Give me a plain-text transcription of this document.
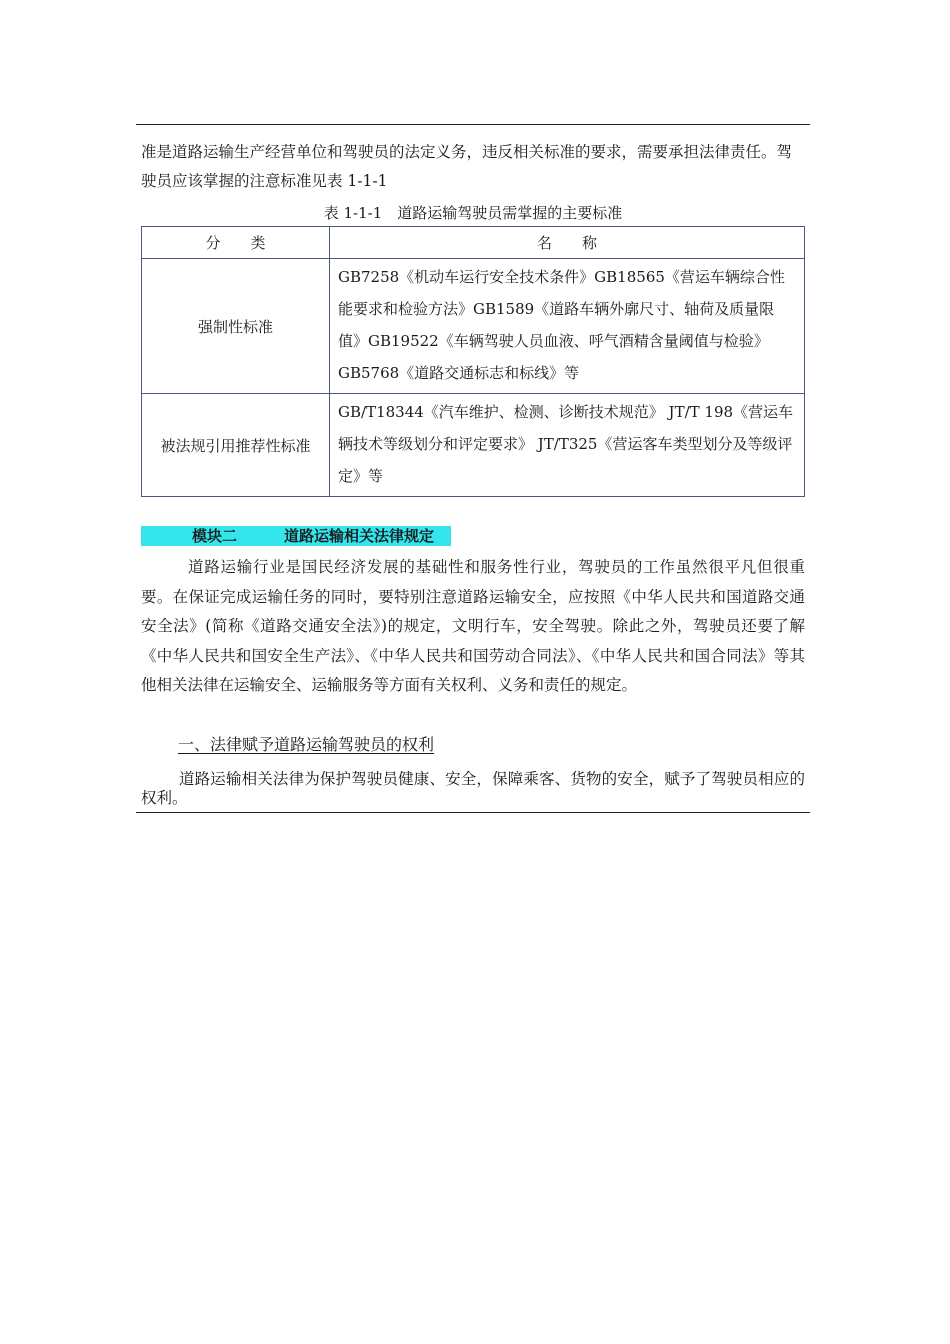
准是道路运输生产经营单位和驾驶员的法定义务，违反相关标准的要求，需要承担法律责任。驾驶员应该掌握的注意标准见表 1-1-1
表 1-1-1　道路运输驾驶员需掌握的主要标准
分　　类	名　　称
强制性标准	GB7258《机动车运行安全技术条件》GB18565《营运车辆综合性能要求和检验方法》GB1589《道路车辆外廓尺寸、轴荷及质量限值》GB19522《车辆驾驶人员血液、呼气酒精含量阈值与检验》GB5768《道路交通标志和标线》等
被法规引用推荐性标准	GB/T18344《汽车维护、检测、诊断技术规范》 JT/T 198《营运车辆技术等级划分和评定要求》 JT/T325《营运客车类型划分及等级评定》等
模块二	道路运输相关法律规定
道路运输行业是国民经济发展的基础性和服务性行业，驾驶员的工作虽然很平凡但很重要。在保证完成运输任务的同时，要特别注意道路运输安全，应按照《中华人民共和国道路交通安全法》(简称《道路交通安全法》)的规定，文明行车，安全驾驶。除此之外，驾驶员还要了解《中华人民共和国安全生产法》、《中华人民共和国劳动合同法》、《中华人民共和国合同法》等其他相关法律在运输安全、运输服务等方面有关权利、义务和责任的规定。
一、法律赋予道路运输驾驶员的权利
道路运输相关法律为保护驾驶员健康、安全，保障乘客、货物的安全，赋予了驾驶员相应的权利。
